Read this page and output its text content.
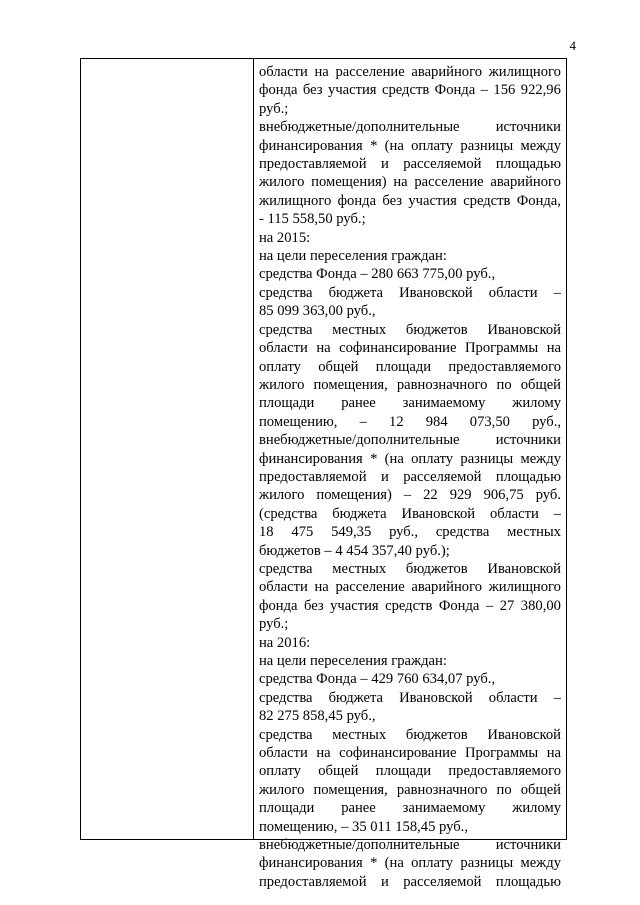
4
области на расселение аварийного жилищного
фонда без участия средств Фонда – 156 922,96
руб.;
внебюджетные/дополнительные источники
финансирования * (на оплату разницы между
предоставляемой и расселяемой площадью
жилого помещения) на расселение аварийного
жилищного фонда без участия средств Фонда,
- 115 558,50 руб.;
на 2015:
на цели переселения граждан:
средства Фонда – 280 663 775,00 руб.,
средства бюджета Ивановской области –
85 099 363,00 руб.,
средства местных бюджетов Ивановской
области на софинансирование Программы на
оплату общей площади предоставляемого
жилого помещения, равнозначного по общей
площади ранее занимаемому жилому
помещению, – 12 984 073,50 руб.,
внебюджетные/дополнительные источники
финансирования * (на оплату разницы между
предоставляемой и расселяемой площадью
жилого помещения) – 22 929 906,75 руб.
(средства бюджета Ивановской области –
18 475 549,35 руб., средства местных
бюджетов – 4 454 357,40 руб.);
средства местных бюджетов Ивановской
области на расселение аварийного жилищного
фонда без участия средств Фонда – 27 380,00
руб.;
на 2016:
на цели переселения граждан:
средства Фонда – 429 760 634,07 руб.,
средства бюджета Ивановской области –
82 275 858,45 руб.,
средства местных бюджетов Ивановской
области на софинансирование Программы на
оплату общей площади предоставляемого
жилого помещения, равнозначного по общей
площади ранее занимаемому жилому
помещению, – 35 011 158,45 руб.,
внебюджетные/дополнительные источники
финансирования * (на оплату разницы между
предоставляемой и расселяемой площадью
